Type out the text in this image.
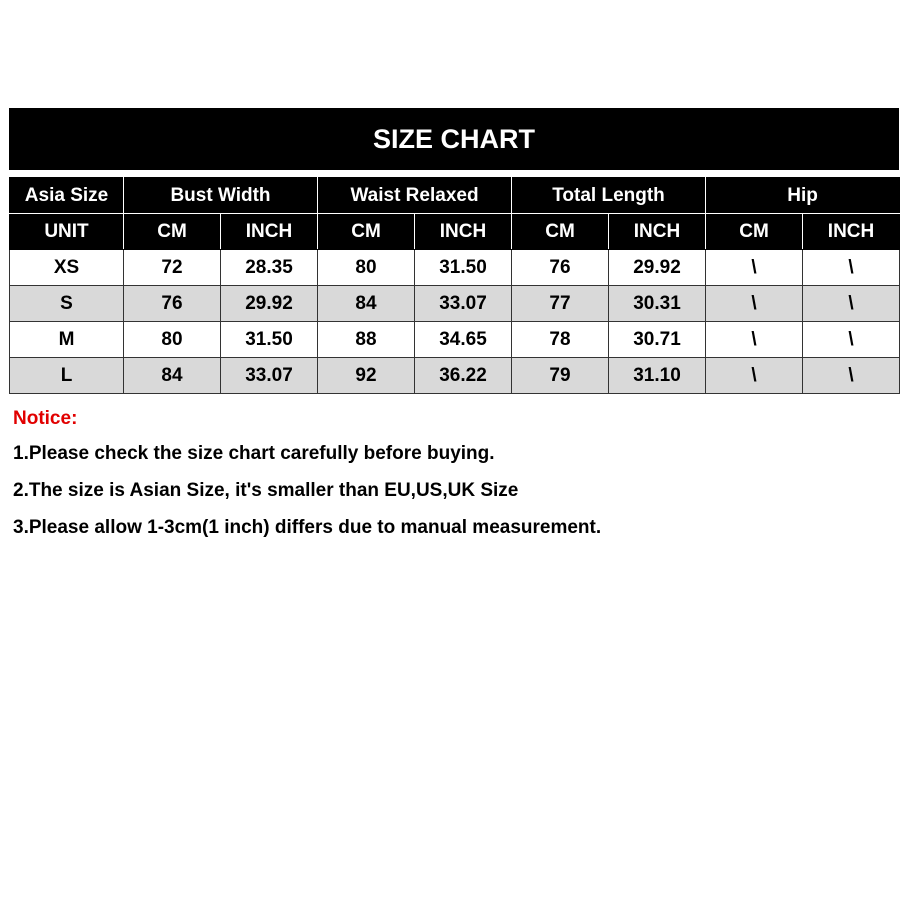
SIZE CHART
Asia Size	Bust Width		Waist Relaxed		Total Length		Hip	
UNIT	CM	INCH	CM	INCH	CM	INCH	CM	INCH
XS	72	28.35	80	31.50	76	29.92	\	\
S	76	29.92	84	33.07	77	30.31	\	\
M	80	31.50	88	34.65	78	30.71	\	\
L	84	33.07	92	36.22	79	31.10	\	\
Notice:
1.Please check the size chart carefully before buying.
2.The size is Asian Size, it's smaller than EU,US,UK Size
3.Please allow 1-3cm(1 inch) differs due to manual measurement.
